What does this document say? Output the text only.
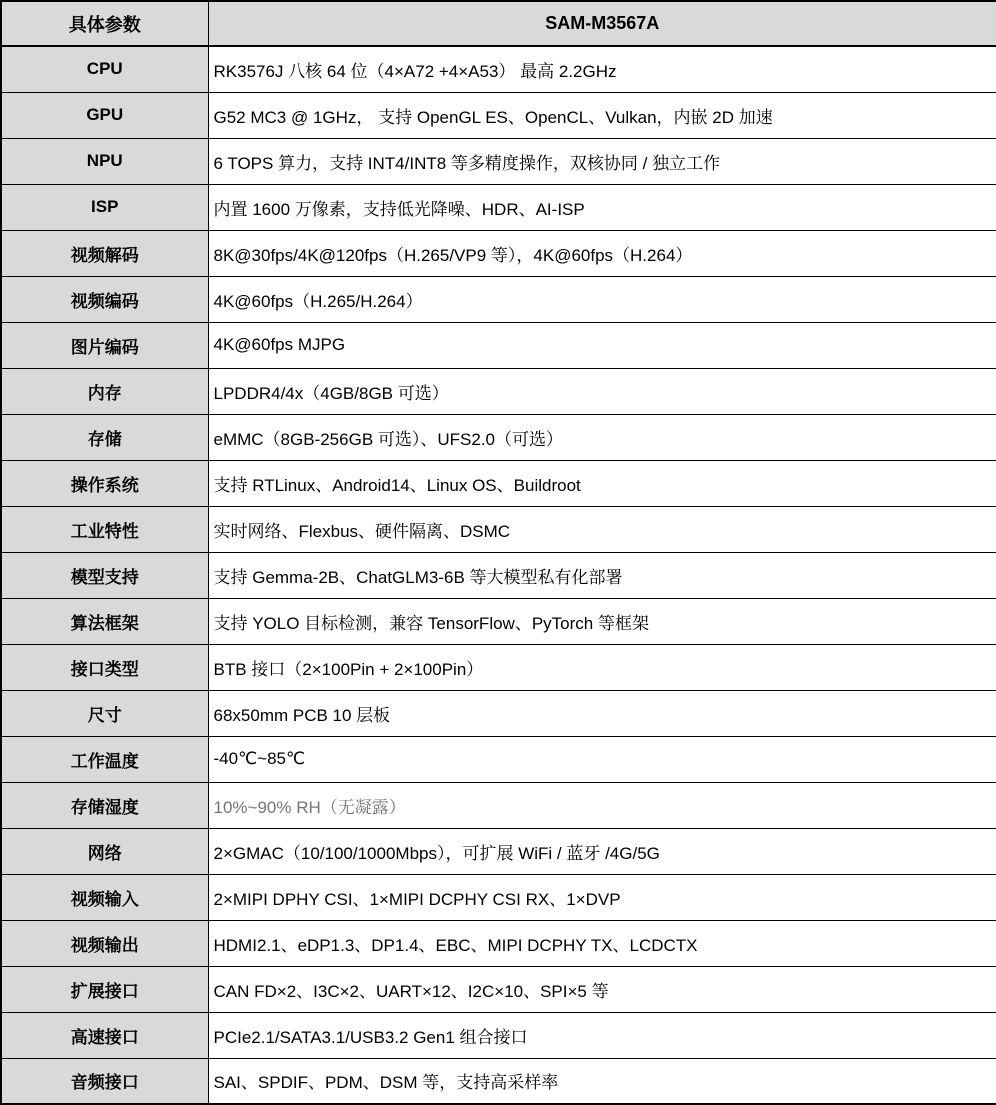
具体参数	SAM-M3567A
CPU	RK3576J 八核 64 位（4×A72 +4×A53） 最高 2.2GHz
GPU	G52 MC3 @ 1GHz， 支持 OpenGL ES、OpenCL、Vulkan，内嵌 2D 加速
NPU	6 TOPS 算力，支持 INT4/INT8 等多精度操作，双核协同 / 独立工作
ISP	内置 1600 万像素，支持低光降噪、HDR、AI-ISP
视频解码	8K@30fps/4K@120fps（H.265/VP9 等），4K@60fps（H.264）
视频编码	4K@60fps（H.265/H.264）
图片编码	4K@60fps MJPG
内存	LPDDR4/4x（4GB/8GB 可选）
存储	eMMC（8GB-256GB 可选）、UFS2.0（可选）
操作系统	支持 RTLinux、Android14、Linux OS、Buildroot
工业特性	实时网络、Flexbus、硬件隔离、DSMC
模型支持	支持 Gemma-2B、ChatGLM3-6B 等大模型私有化部署
算法框架	支持 YOLO 目标检测，兼容 TensorFlow、PyTorch 等框架
接口类型	BTB 接口（2×100Pin + 2×100Pin）
尺寸	68x50mm PCB 10 层板
工作温度	-40℃~85℃
存储湿度	10%~90% RH（无凝露）
网络	2×GMAC（10/100/1000Mbps），可扩展 WiFi / 蓝牙 /4G/5G
视频输入	2×MIPI DPHY CSI、1×MIPI DCPHY CSI RX、1×DVP
视频输出	HDMI2.1、eDP1.3、DP1.4、EBC、MIPI DCPHY TX、LCDCTX
扩展接口	CAN FD×2、I3C×2、UART×12、I2C×10、SPI×5 等
高速接口	PCIe2.1/SATA3.1/USB3.2 Gen1 组合接口
音频接口	SAI、SPDIF、PDM、DSM 等，支持高采样率
